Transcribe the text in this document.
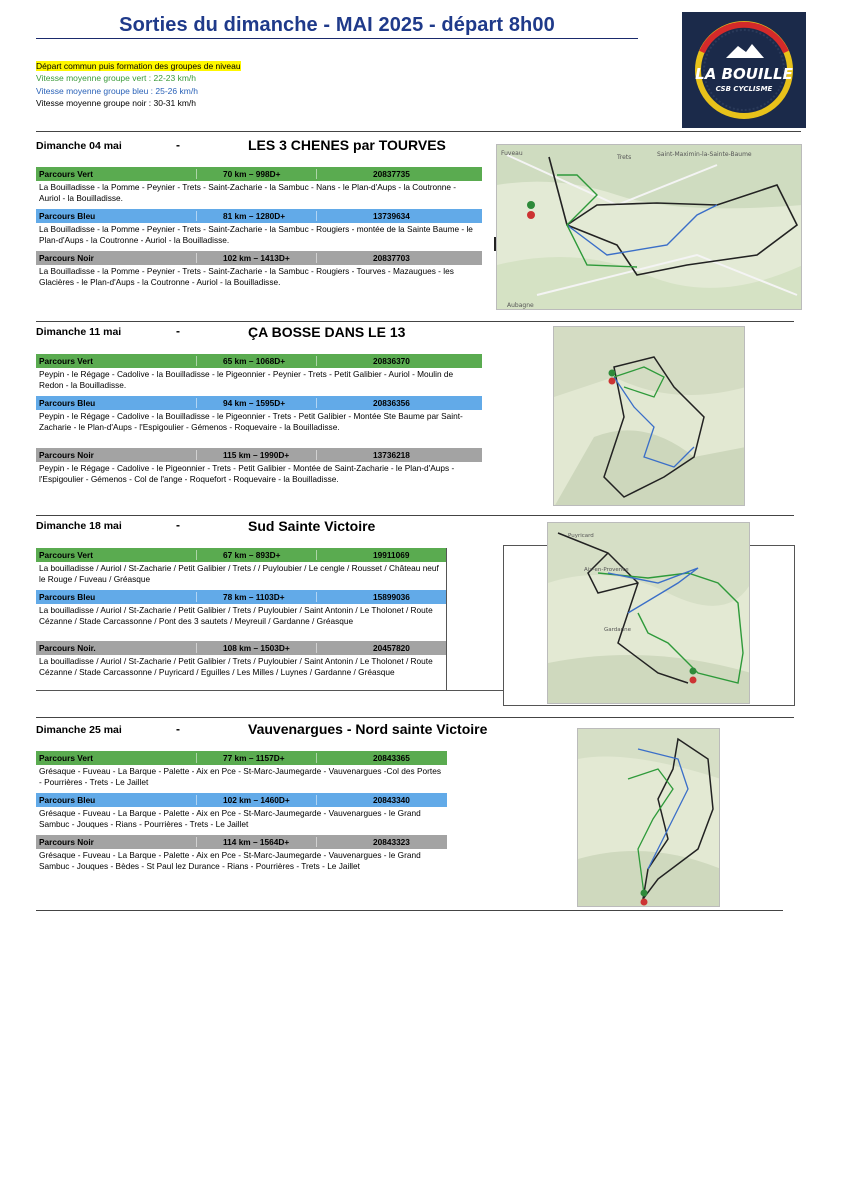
Sorties du dimanche - MAI 2025 - départ 8h00
LA BOUILLE
CSB CYCLISME
Départ commun puis formation des groupes de niveau
Vitesse moyenne groupe vert : 22-23 km/h
Vitesse moyenne groupe bleu : 25-26 km/h
Vitesse moyenne groupe noir : 30-31 km/h
Dimanche 04 mai	-	LES 3 CHENES par TOURVES
Parcours Vert	70 km – 998D+	20837735
La Bouilladisse - la Pomme - Peynier - Trets - Saint-Zacharie - la Sambuc - Nans - le Plan-d'Aups - la Coutronne - Auriol - la Bouilladisse.
Parcours Bleu	81 km – 1280D+	13739634
La Bouilladisse - la Pomme - Peynier - Trets - Saint-Zacharie - la Sambuc - Rougiers - montée de la Sainte Baume - le Plan-d'Aups - la Coutronne - Auriol - la Bouilladisse.
Parcours Noir	102 km – 1413D+	20837703
La Bouilladisse - la Pomme - Peynier - Trets - Saint-Zacharie - la Sambuc - Rougiers - Tourves - Mazaugues - les Glacières - le Plan-d'Aups - la Coutronne - Auriol - la Bouilladisse.
Fuveau
Trets	Saint-Maximin-la-Sainte-Baume
Aubagne
Dimanche 11 mai	-	ÇA BOSSE DANS LE 13
Parcours Vert	65 km – 1068D+	20836370
Peypin - le Régage - Cadolive - la Bouilladisse - le Pigeonnier - Peynier - Trets - Petit Galibier - Auriol - Moulin de Redon - la Bouilladisse.
Parcours Bleu	94 km – 1595D+	20836356
Peypin - le Régage - Cadolive - la Bouilladisse - le Pigeonnier - Trets - Petit Galibier - Montée Ste Baume par Saint-Zacharie - le Plan-d'Aups - l'Espigoulier - Gémenos - Roquevaire - la Bouilladisse.
Parcours Noir	115 km – 1990D+	13736218
Peypin - le Régage - Cadolive - le Pigeonnier - Trets - Petit Galibier - Montée de Saint-Zacharie - le Plan-d'Aups - l'Espigoulier - Gémenos - Col de l'ange - Roquefort - Roquevaire - la Bouilladisse.
Dimanche 18 mai	-	Sud Sainte Victoire
Parcours Vert	67 km – 893D+	19911069
La bouilladisse / Auriol / St-Zacharie / Petit Galibier / Trets / / Puyloubier / Le cengle / Rousset / Château neuf le Rouge / Fuveau / Gréasque
Parcours Bleu	78 km – 1103D+	15899036
La bouilladisse / Auriol / St-Zacharie / Petit Galibier / Trets / Puyloubier / Saint Antonin / Le Tholonet / Route Cézanne / Stade Carcassonne / Pont des 3 sautets / Meyreuil / Gardanne / Gréasque
Parcours Noir.	108 km – 1503D+	20457820
La bouilladisse / Auriol / St-Zacharie / Petit Galibier / Trets / Puyloubier / Saint Antonin / Le Tholonet / Route Cézanne / Stade Carcassonne / Puyricard / Eguilles / Les Milles / Luynes / Gardanne / Gréasque
Puyricard
Aix-en-Provence
Gardanne
Dimanche 25 mai	-	Vauvenargues - Nord sainte Victoire
Parcours Vert	77 km – 1157D+	20843365
Grésaque - Fuveau - La Barque - Palette - Aix en Pce - St-Marc-Jaumegarde - Vauvenargues -Col des Portes - Pourrières - Trets - Le Jaillet
Parcours Bleu	102 km – 1460D+	20843340
Grésaque - Fuveau - La Barque - Palette - Aix en Pce - St-Marc-Jaumegarde - Vauvenargues - le Grand Sambuc - Jouques - Rians - Pourrières - Trets - Le Jaillet
Parcours Noir	114 km – 1564D+	20843323
Grésaque - Fuveau - La Barque - Palette - Aix en Pce - St-Marc-Jaumegarde - Vauvenargues - le Grand Sambuc - Jouques - Bèdes - St Paul lez Durance - Rians - Pourrières - Trets - Le Jaillet
